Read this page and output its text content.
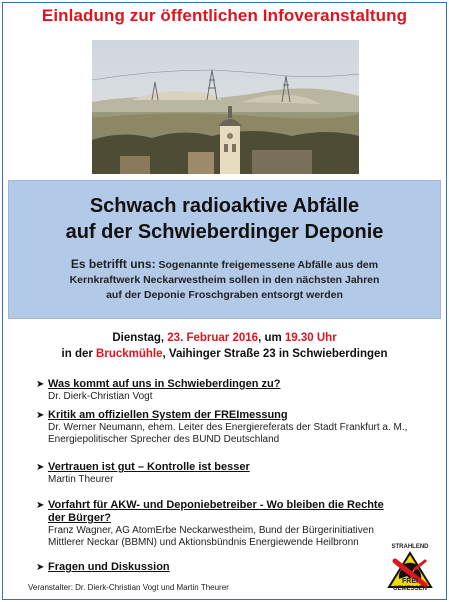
Einladung zur öffentlichen Infoveranstaltung
Schwach radioaktive Abfälle
auf der Schwieberdinger Deponie
Es betrifft uns: Sogenannte freigemessene Abfälle aus dem
Kernkraftwerk Neckarwestheim sollen in den nächsten Jahren
auf der Deponie Froschgraben entsorgt werden
Dienstag, 23. Februar 2016, um 19.30 Uhr
in der Bruckmühle, Vaihinger Straße 23 in Schwieberdingen
➤ Was kommt auf uns in Schwieberdingen zu?
Dr. Dierk-Christian Vogt
➤ Kritik am offiziellen System der FREImessung
Dr. Werner Neumann, ehem. Leiter des Energiereferats der Stadt Frankfurt a. M.,
Energiepolitischer Sprecher des BUND Deutschland
➤ Vertrauen ist gut – Kontrolle ist besser
Martin Theurer
➤ Vorfahrt für AKW- und Deponiebetreiber - Wo bleiben die Rechte
der Bürger?
Franz Wagner, AG AtomErbe Neckarwestheim, Bund der Bürgerinitiativen
Mittlerer Neckar (BBMN) und Aktionsbündnis Energiewende Heilbronn
➤ Fragen und Diskussion
Veranstalter: Dr. Dierk-Christian Vogt und Martin Theurer
STRAHLEND
FREI
GEMESSEN
